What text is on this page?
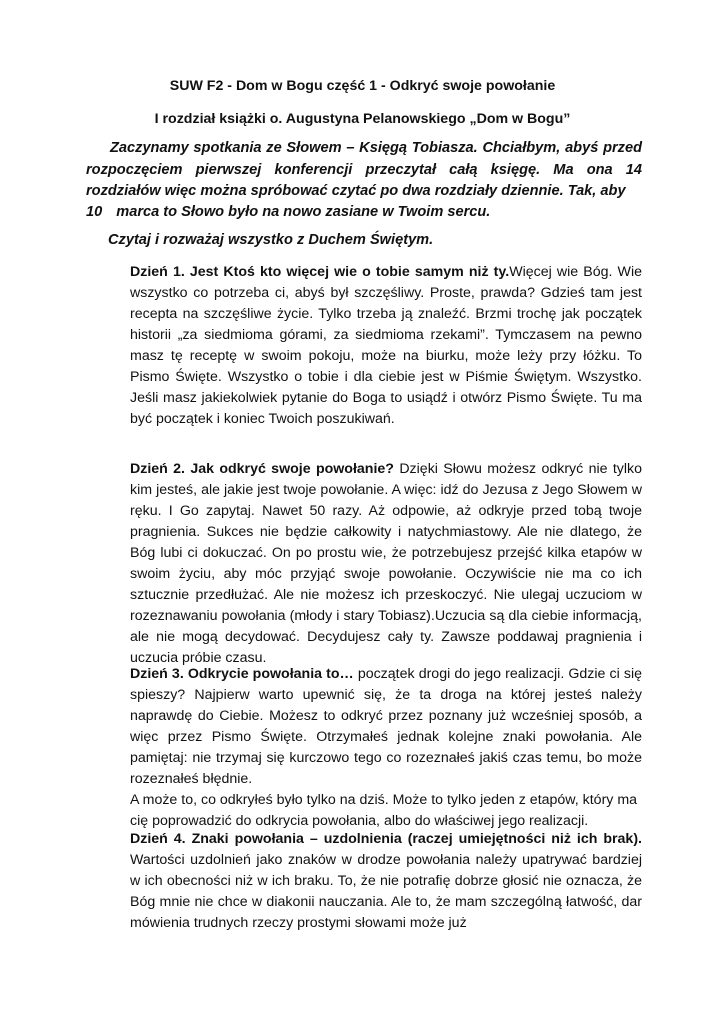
SUW F2 - Dom w Bogu część 1 - Odkryć swoje powołanie

I rozdział książki o. Augustyna Pelanowskiego „Dom w Bogu”

Zaczynamy spotkania ze Słowem – Księgą Tobiasza. Chciałbym, abyś przed rozpoczęciem pierwszej konferencji przeczytał całą księgę. Ma ona 14 rozdziałów więc można spróbować czytać po dwa rozdziały dziennie. Tak, aby

10 marca to Słowo było na nowo zasiane w Twoim sercu.

Czytaj i rozważaj wszystko z Duchem Świętym.

Dzień 1. Jest Ktoś kto więcej wie o tobie samym niż ty.Więcej wie Bóg. Wie wszystko co potrzeba ci, abyś był szczęśliwy. Proste, prawda? Gdzieś tam jest recepta na szczęśliwe życie. Tylko trzeba ją znaleźć. Brzmi trochę jak początek historii „za siedmioma górami, za siedmioma rzekami”. Tymczasem na pewno masz tę receptę w swoim pokoju, może na biurku, może leży przy łóżku. To Pismo Święte. Wszystko o tobie i dla ciebie jest w Piśmie Świętym. Wszystko. Jeśli masz jakiekolwiek pytanie do Boga to usiądź i otwórz Pismo Święte. Tu ma być początek i koniec Twoich poszukiwań.

Dzień 2. Jak odkryć swoje powołanie? Dzięki Słowu możesz odkryć nie tylko kim jesteś, ale jakie jest twoje powołanie. A więc: idź do Jezusa z Jego Słowem w ręku. I Go zapytaj. Nawet 50 razy. Aż odpowie, aż odkryje przed tobą twoje pragnienia. Sukces nie będzie całkowity i natychmiastowy. Ale nie dlatego, że Bóg lubi ci dokuczać. On po prostu wie, że potrzebujesz przejść kilka etapów w swoim życiu, aby móc przyjąć swoje powołanie. Oczywiście nie ma co ich sztucznie przedłużać. Ale nie możesz ich przeskoczyć. Nie ulegaj uczuciom w rozeznawaniu powołania (młody i stary Tobiasz).Uczucia są dla ciebie informacją, ale nie mogą decydować. Decydujesz cały ty. Zawsze poddawaj pragnienia i uczucia próbie czasu.

Dzień 3. Odkrycie powołania to… początek drogi do jego realizacji. Gdzie ci się spieszy? Najpierw warto upewnić się, że ta droga na której jesteś należy naprawdę do Ciebie. Możesz to odkryć przez poznany już wcześniej sposób, a więc przez Pismo Święte. Otrzymałeś jednak kolejne znaki powołania. Ale pamiętaj: nie trzymaj się kurczowo tego co rozeznałeś jakiś czas temu, bo może rozeznałeś błędnie.
A może to, co odkryłeś było tylko na dziś. Może to tylko jeden z etapów, który ma cię poprowadzić do odkrycia powołania, albo do właściwej jego realizacji.

Dzień 4. Znaki powołania – uzdolnienia (raczej umiejętności niż ich brak). Wartości uzdolnień jako znaków w drodze powołania należy upatrywać bardziej w ich obecności niż w ich braku. To, że nie potrafię dobrze głosić nie oznacza, że Bóg mnie nie chce w diakonii nauczania. Ale to, że mam szczególną łatwość, dar mówienia trudnych rzeczy prostymi słowami może już
